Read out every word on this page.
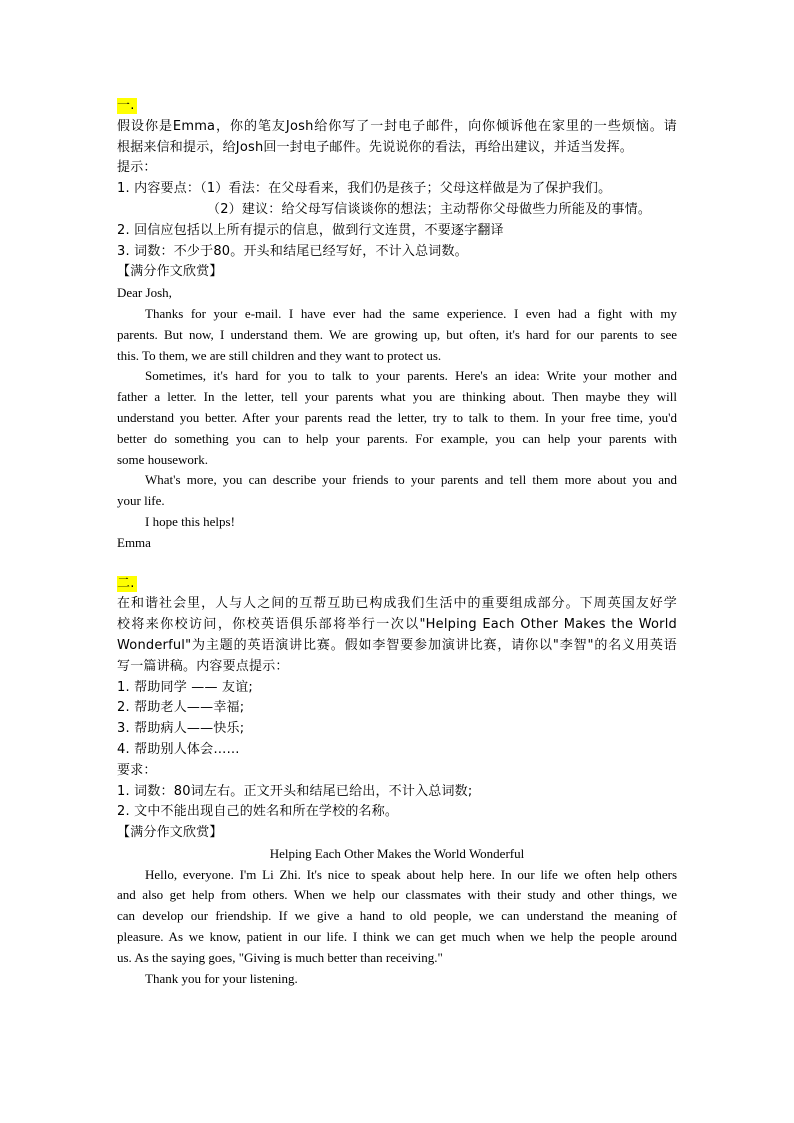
一.
假设你是Emma，你的笔友Josh给你写了一封电子邮件，向你倾诉他在家里的一些烦恼。请
根据来信和提示，给Josh回一封电子邮件。先说说你的看法，再给出建议，并适当发挥。
提示：
1. 内容要点：（1）看法：在父母看来，我们仍是孩子；父母这样做是为了保护我们。
（2）建议：给父母写信谈谈你的想法；主动帮你父母做些力所能及的事情。
2. 回信应包括以上所有提示的信息，做到行文连贯，不要逐字翻译
3. 词数：不少于80。开头和结尾已经写好，不计入总词数。
【满分作文欣赏】
Dear Josh,
Thanks for your e-mail. I have ever had the same experience. I even had a fight with my
parents. But now, I understand them. We are growing up, but often, it's hard for our parents to see
this. To them, we are still children and they want to protect us.
Sometimes, it's hard for you to talk to your parents. Here's an idea: Write your mother and
father a letter. In the letter, tell your parents what you are thinking about. Then maybe they will
understand you better. After your parents read the letter, try to talk to them. In your free time, you'd
better do something you can to help your parents. For example, you can help your parents with
some housework.
What's more, you can describe your friends to your parents and tell them more about you and
your life.
I hope this helps!
Emma
二.
在和谐社会里，人与人之间的互帮互助已构成我们生活中的重要组成部分。下周英国友好学
校将来你校访问，你校英语俱乐部将举行一次以"Helping Each Other Makes the World
Wonderful"为主题的英语演讲比赛。假如李智要参加演讲比赛，请你以"李智"的名义用英语
写一篇讲稿。内容要点提示：
1. 帮助同学 —— 友谊;
2. 帮助老人——幸福;
3. 帮助病人——快乐;
4. 帮助别人体会……
要求：
1. 词数：80词左右。正文开头和结尾已给出，不计入总词数;
2. 文中不能出现自己的姓名和所在学校的名称。
【满分作文欣赏】
Helping Each Other Makes the World Wonderful
Hello, everyone. I'm Li Zhi. It's nice to speak about help here. In our life we often help others
and also get help from others. When we help our classmates with their study and other things, we
can develop our friendship. If we give a hand to old people, we can understand the meaning of
pleasure. As we know, patient in our life. I think we can get much when we help the people around
us. As the saying goes, "Giving is much better than receiving."
Thank you for your listening.
